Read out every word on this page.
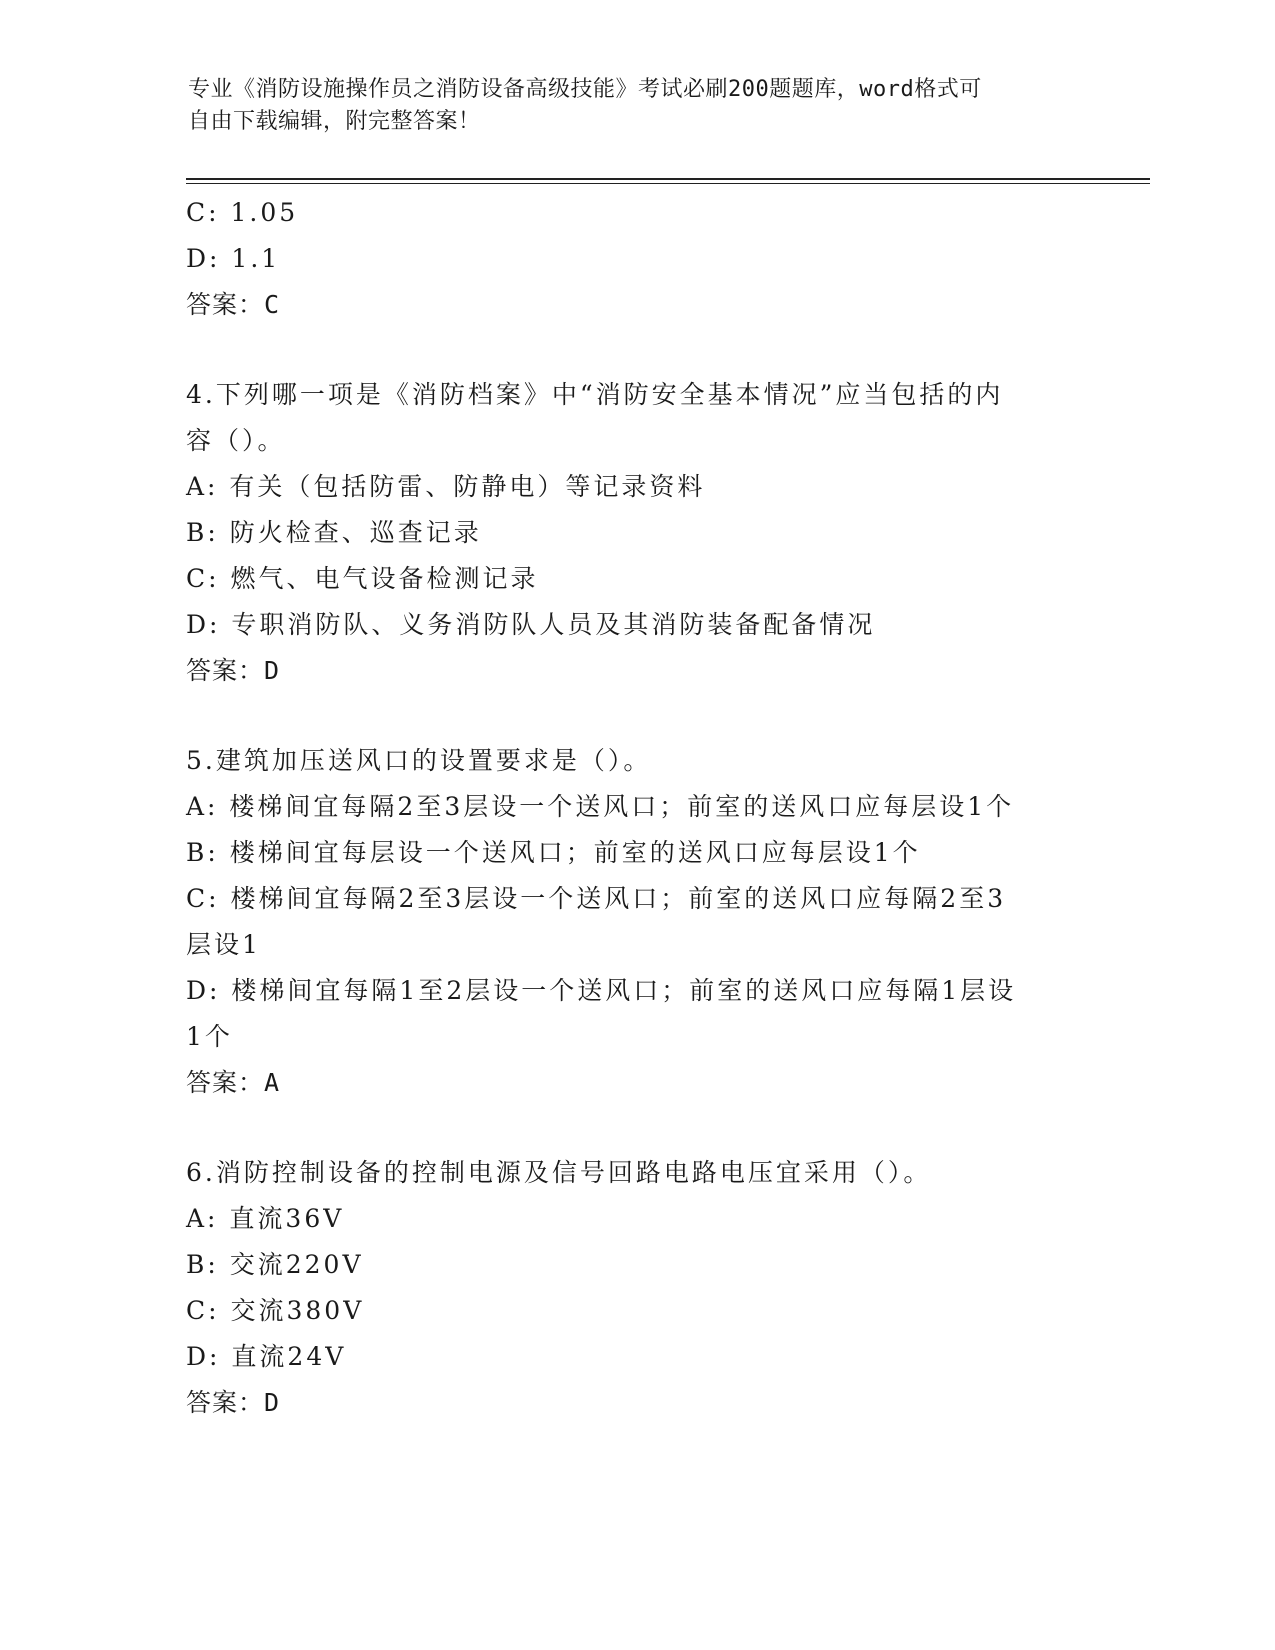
专业《消防设施操作员之消防设备高级技能》考试必刷200题题库，word格式可
自由下载编辑，附完整答案！
C: 1.05
D: 1.1
答案：C
4.下列哪一项是《消防档案》中“消防安全基本情况”应当包括的内
容（）。
A: 有关（包括防雷、防静电）等记录资料
B: 防火检查、巡查记录
C: 燃气、电气设备检测记录
D: 专职消防队、义务消防队人员及其消防装备配备情况
答案：D
5.建筑加压送风口的设置要求是（）。
A: 楼梯间宜每隔2至3层设一个送风口；前室的送风口应每层设1个
B: 楼梯间宜每层设一个送风口；前室的送风口应每层设1个
C: 楼梯间宜每隔2至3层设一个送风口；前室的送风口应每隔2至3
层设1
D: 楼梯间宜每隔1至2层设一个送风口；前室的送风口应每隔1层设
1个
答案：A
6.消防控制设备的控制电源及信号回路电路电压宜采用（）。
A: 直流36V
B: 交流220V
C: 交流380V
D: 直流24V
答案：D
